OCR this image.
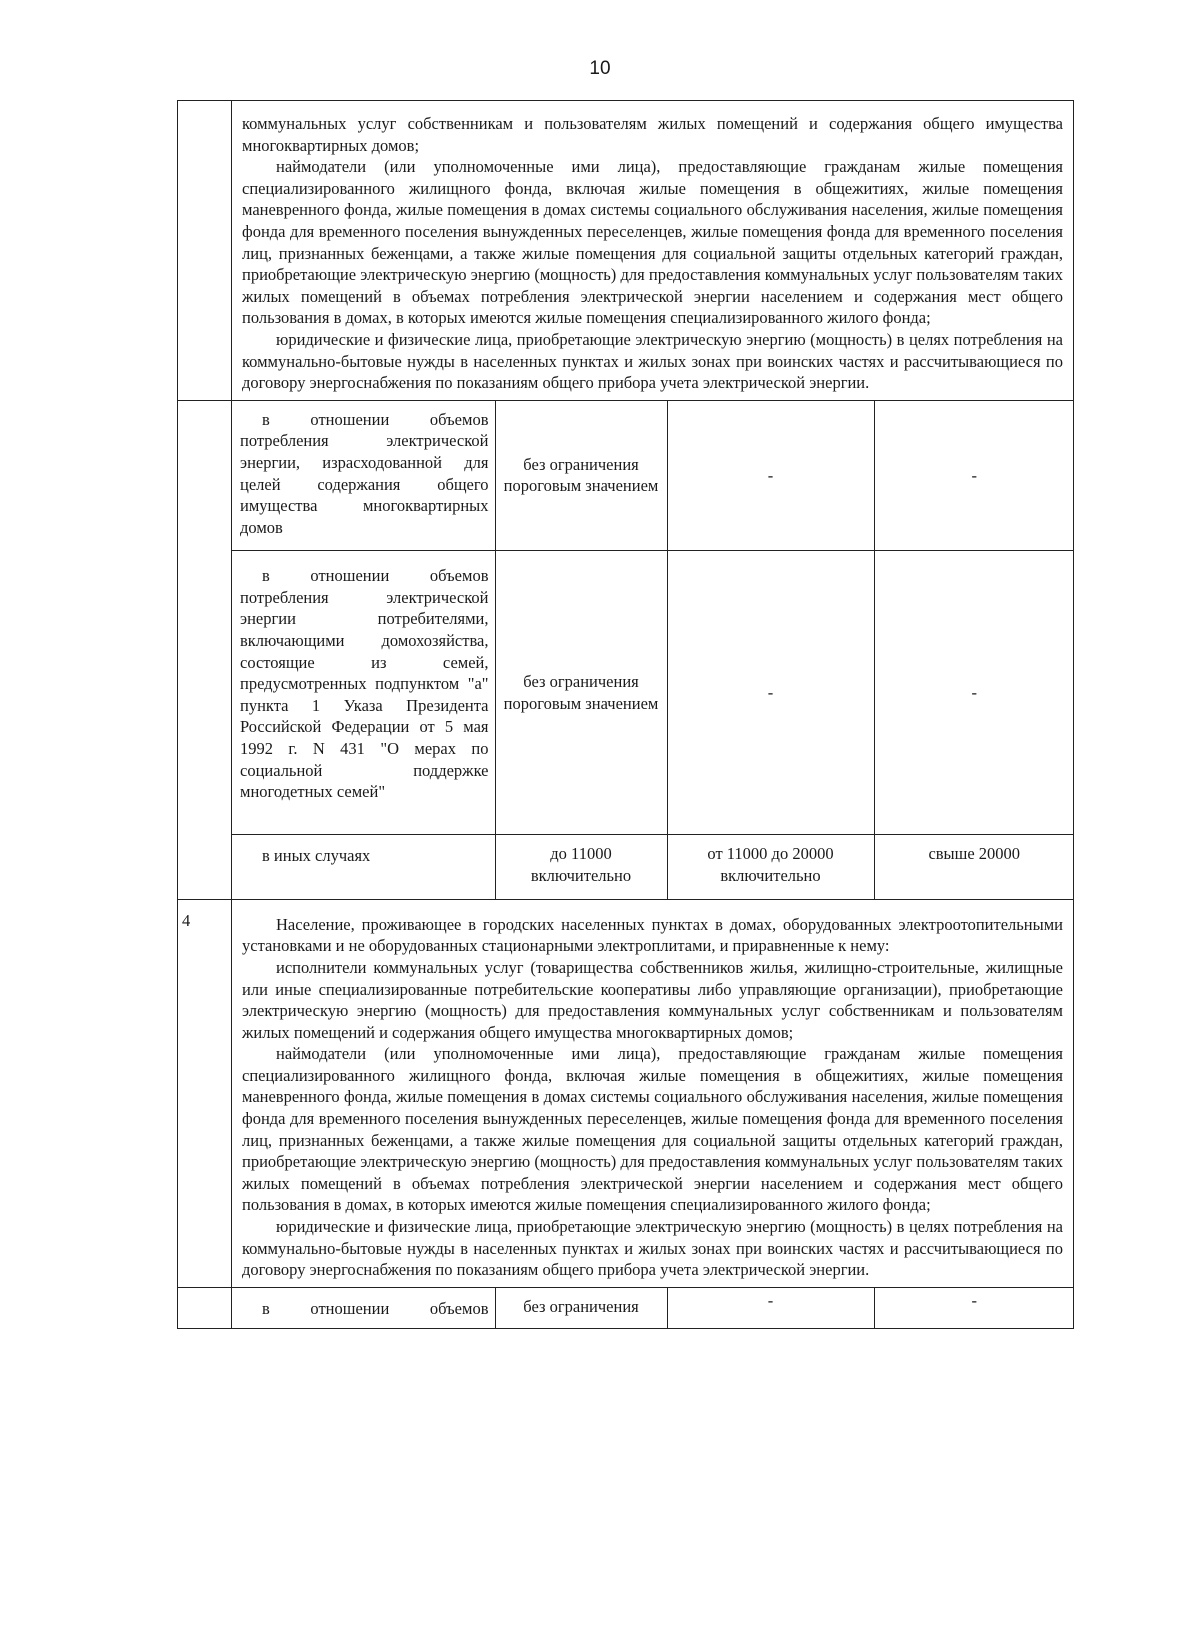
10

коммунальных услуг собственникам и пользователям жилых помещений и содержания общего имущества многоквартирных домов;

наймодатели (или уполномоченные ими лица), предоставляющие гражданам жилые помещения специализированного жилищного фонда, включая жилые помещения в общежитиях, жилые помещения маневренного фонда, жилые помещения в домах системы социального обслуживания населения, жилые помещения фонда для временного поселения вынужденных переселенцев, жилые помещения фонда для временного поселения лиц, признанных беженцами, а также жилые помещения для социальной защиты отдельных категорий граждан, приобретающие электрическую энергию (мощность) для предоставления коммунальных услуг пользователям таких жилых помещений в объемах потребления электрической энергии населением и содержания мест общего пользования в домах, в которых имеются жилые помещения специализированного жилого фонда;

юридические и физические лица, приобретающие электрическую энергию (мощность) в целях потребления на коммунально-бытовые нужды в населенных пунктах и жилых зонах при воинских частях и рассчитывающиеся по договору энергоснабжения по показаниям общего прибора учета электрической энергии.

в отношении объемов потребления электрической энергии, израсходованной для целей содержания общего имущества многоквартирных домов
	без ограничения пороговым значением	-	-

в отношении объемов потребления электрической энергии потребителями, включающими домохозяйства, состоящие из семей, предусмотренных подпунктом "а" пункта 1 Указа Президента Российской Федерации от 5 мая 1992 г. N 431 "О мерах по социальной поддержке многодетных семей"
	без ограничения пороговым значением	-	-
в иных случаях	до 11000 включительно	от 11000 до 20000 включительно	свыше 20000

4	Население, проживающее в городских населенных пунктах в домах, оборудованных электроотопительными установками и не оборудованных стационарными электроплитами, и приравненные к нему:

исполнители коммунальных услуг (товарищества собственников жилья, жилищно-строительные, жилищные или иные специализированные потребительские кооперативы либо управляющие организации), приобретающие электрическую энергию (мощность) для предоставления коммунальных услуг собственникам и пользователям жилых помещений и содержания общего имущества многоквартирных домов;

наймодатели (или уполномоченные ими лица), предоставляющие гражданам жилые помещения специализированного жилищного фонда, включая жилые помещения в общежитиях, жилые помещения маневренного фонда, жилые помещения в домах системы социального обслуживания населения, жилые помещения фонда для временного поселения вынужденных переселенцев, жилые помещения фонда для временного поселения лиц, признанных беженцами, а также жилые помещения для социальной защиты отдельных категорий граждан, приобретающие электрическую энергию (мощность) для предоставления коммунальных услуг пользователям таких жилых помещений в объемах потребления электрической энергии населением и содержания мест общего пользования в домах, в которых имеются жилые помещения специализированного жилого фонда;

юридические и физические лица, приобретающие электрическую энергию (мощность) в целях потребления на коммунально-бытовые нужды в населенных пунктах и жилых зонах при воинских частях и рассчитывающиеся по договору энергоснабжения по показаниям общего прибора учета электрической энергии.

в отношении объемов	без ограничения	-	-
